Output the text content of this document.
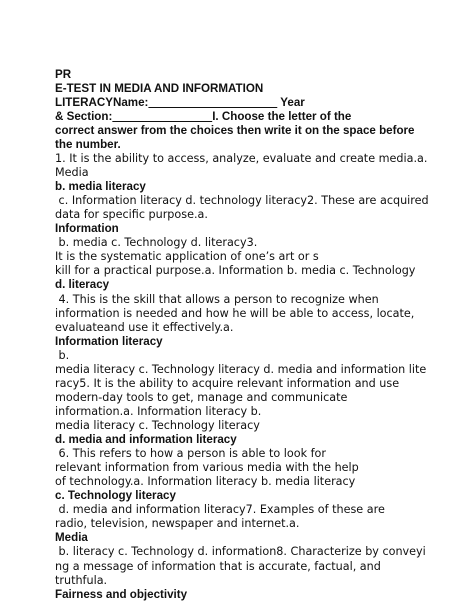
PR
E-TEST IN MEDIA AND INFORMATION
LITERACYName:	Year
& Section:	I. Choose the letter of the
correct answer from the choices then write it on the space before
the number.
1. It is the ability to access, analyze, evaluate and create media.a.
Media
b. media literacy
c. Information literacy d. technology literacy2. These are acquired
data for specific purpose.a.
Information
b. media c. Technology d. literacy3.
It is the systematic application of one’s art or s
kill for a practical purpose.a. Information b. media c. Technology
d. literacy
4. This is the skill that allows a person to recognize when
information is needed and how he will be able to access, locate,
evaluateand use it effectively.a.
Information literacy
b.
media literacy c. Technology literacy d. media and information lite
racy5. It is the ability to acquire relevant information and use
modern-day tools to get, manage and communicate
information.a. Information literacy b.
media literacy c. Technology literacy
d. media and information literacy
6. This refers to how a person is able to look for
relevant information from various media with the help
of technology.a. Information literacy b. media literacy
c. Technology literacy
d. media and information literacy7. Examples of these are
radio, television, newspaper and internet.a.
Media
b. literacy c. Technology d. information8. Characterize by conveyi
ng a message of information that is accurate, factual, and
truthfula.
Fairness and objectivity
